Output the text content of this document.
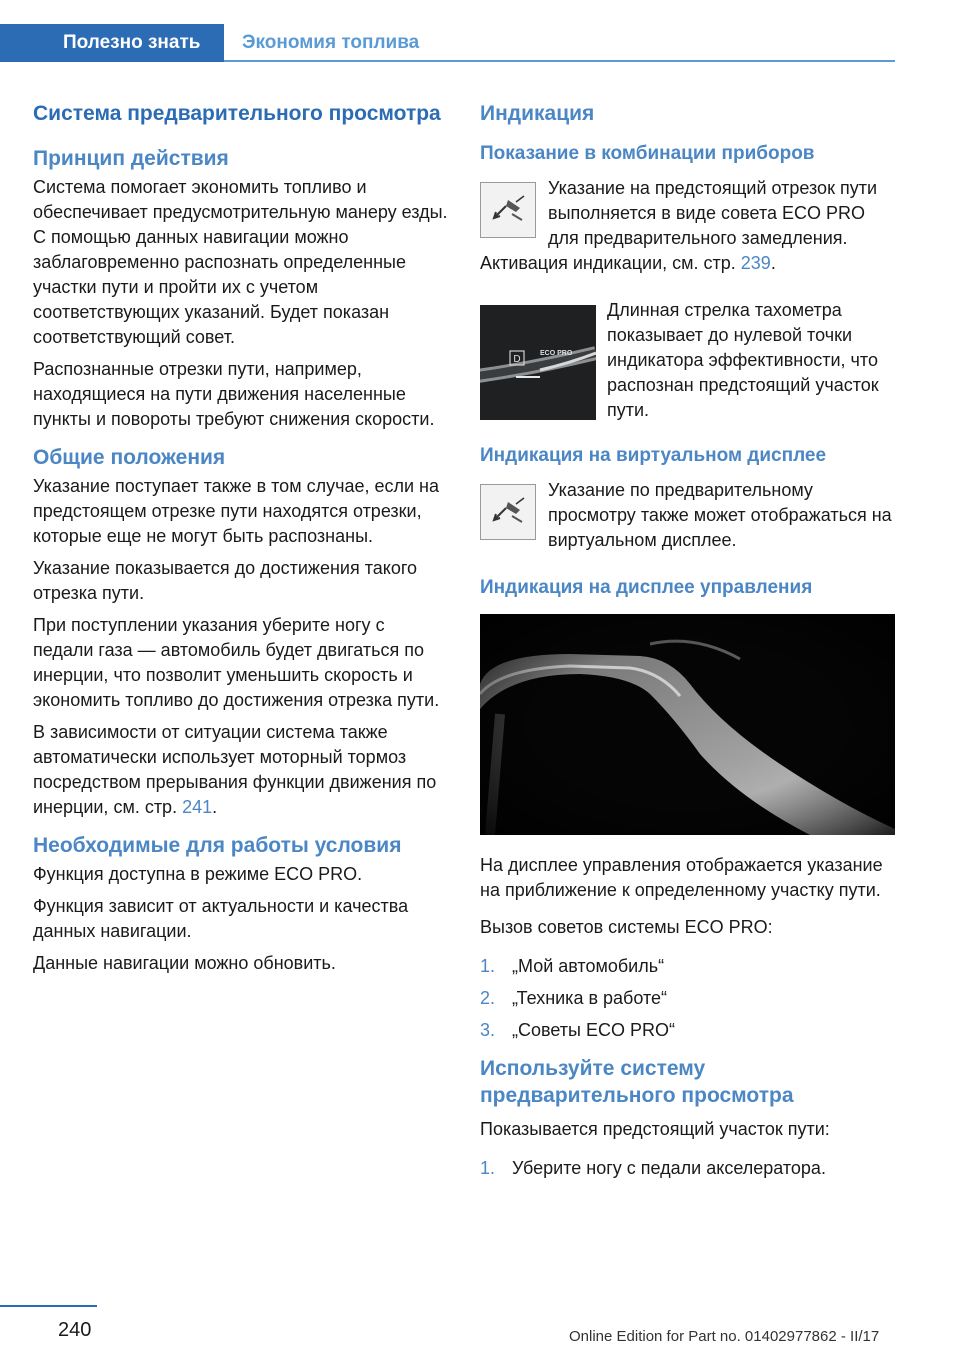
Полезно знать	Экономия топлива
Система предварительного просмотра
Принцип действия

Система помогает экономить топливо и обеспечивает предусмотрительную манеру езды. С помощью данных навигации можно заблаговременно распознать определенные участки пути и пройти их с учетом соответствующих указаний. Будет показан соответствующий совет.

Распознанные отрезки пути, например, находящиеся на пути движения населенные пункты и повороты требуют снижения скорости.

Общие положения

Указание поступает также в том случае, если на предстоящем отрезке пути находятся отрезки, которые еще не могут быть распознаны.

Указание показывается до достижения такого отрезка пути.

При поступлении указания уберите ногу с педали газа — автомобиль будет двигаться по инерции, что позволит уменьшить скорость и экономить топливо до достижения отрезка пути.

В зависимости от ситуации система также автоматически использует моторный тормоз посредством прерывания функции движения по инерции, см. стр. 241.

Необходимые для работы условия

Функция доступна в режиме ECO PRO.

Функция зависит от актуальности и качества данных навигации.

Данные навигации можно обновить.

Индикация
Показание в комбинации приборов

Указание на предстоящий отрезок пути выполняется в виде совета ECO PRO для предварительного замедления. Активация индикации, см. стр. 239.

D
ECO PRO

Длинная стрелка тахометра показывает до нулевой точки индикатора эффективности, что распознан предстоящий участок пути.

Индикация на виртуальном дисплее

Указание по предварительному просмотру также может отображаться на виртуальном дисплее.

Индикация на дисплее управления

На дисплее управления отображается указание на приближение к определенному участку пути.

Вызов советов системы ECO PRO:

1. „Мой автомобиль“
2. „Техника в работе“
3. „Советы ECO PRO“
Используйте систему предварительного просмотра

Показывается предстоящий участок пути:

1. Уберите ногу с педали акселератора.
240	Online Edition for Part no. 01402977862 - II/17
